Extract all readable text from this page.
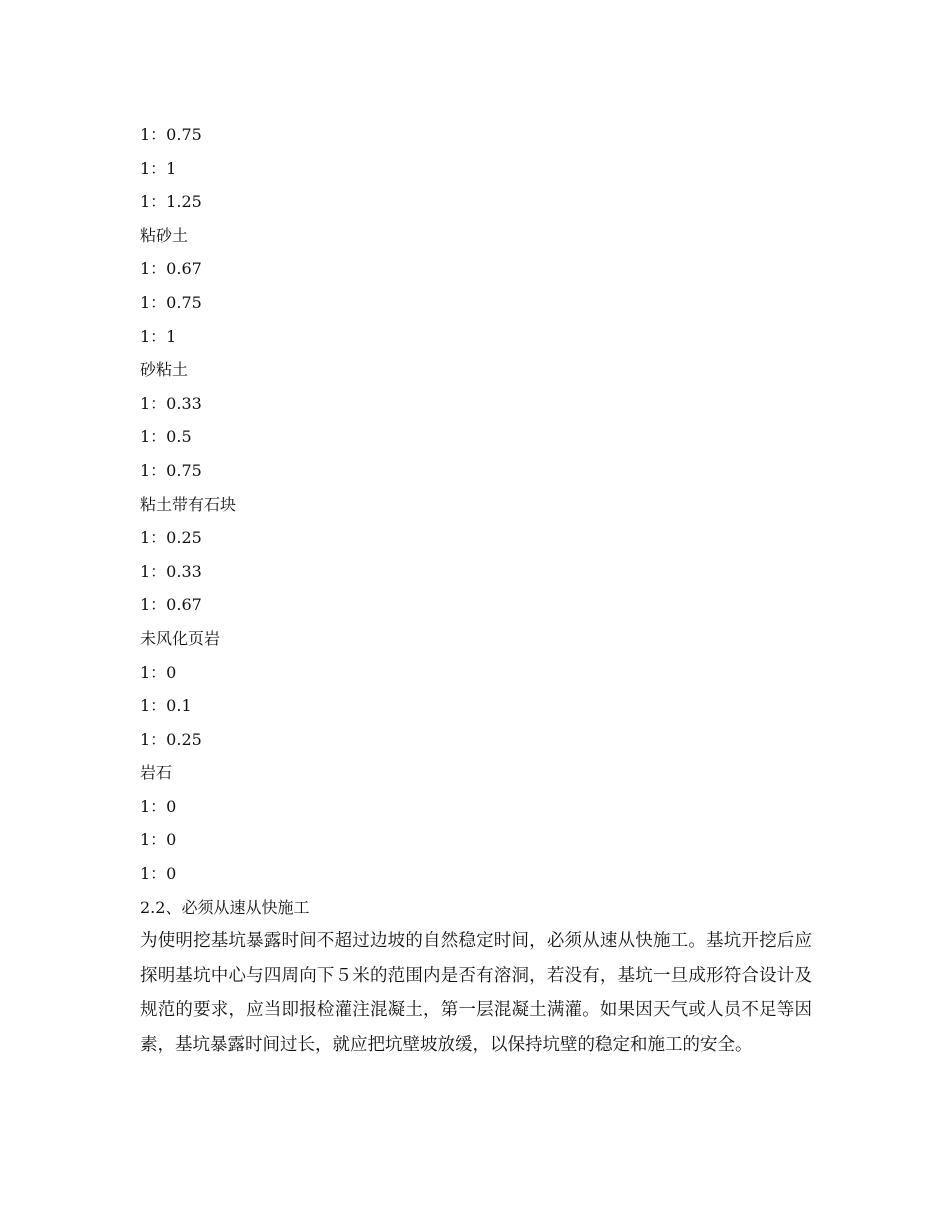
1：0.75
1：1
1：1.25
粘砂土
1：0.67
1：0.75
1：1
砂粘土
1：0.33
1：0.5
1：0.75
粘土带有石块
1：0.25
1：0.33
1：0.67
未风化页岩
1：0
1：0.1
1：0.25
岩石
1：0
1：0
1：0
2.2、必须从速从快施工
为使明挖基坑暴露时间不超过边坡的自然稳定时间，必须从速从快施工。基坑开挖后应探明基坑中心与四周向下５米的范围内是否有溶洞，若没有，基坑一旦成形符合设计及规范的要求，应当即报检灌注混凝土，第一层混凝土满灌。如果因天气或人员不足等因素，基坑暴露时间过长，就应把坑壁坡放缓，以保持坑壁的稳定和施工的安全。
